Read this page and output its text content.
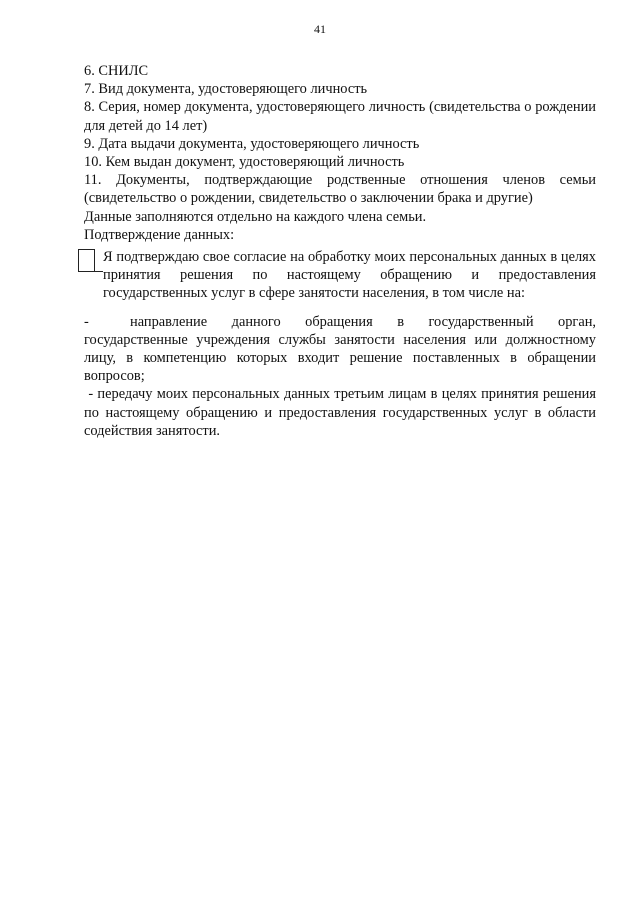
41

6. СНИЛС

7. Вид документа, удостоверяющего личность

8. Серия, номер документа, удостоверяющего личность (свидетельства о рождении для детей до 14 лет)

9. Дата выдачи документа, удостоверяющего личность

10. Кем выдан документ, удостоверяющий личность

11. Документы, подтверждающие родственные отношения членов семьи (свидетельство о рождении, свидетельство о заключении брака и другие)

Данные заполняются отдельно на каждого члена семьи.

Подтверждение данных:

Я подтверждаю свое согласие на обработку моих персональных данных в целях принятия решения по настоящему обращению и предоставления государственных услуг в сфере занятости населения, в том числе на:

-	направление данного обращения в государственный орган, государственные учреждения службы занятости населения или должностному лицу, в компетенцию которых входит решение поставленных в обращении вопросов;

- передачу моих персональных данных третьим лицам в целях принятия решения по настоящему обращению и предоставления государственных услуг в области содействия занятости.
